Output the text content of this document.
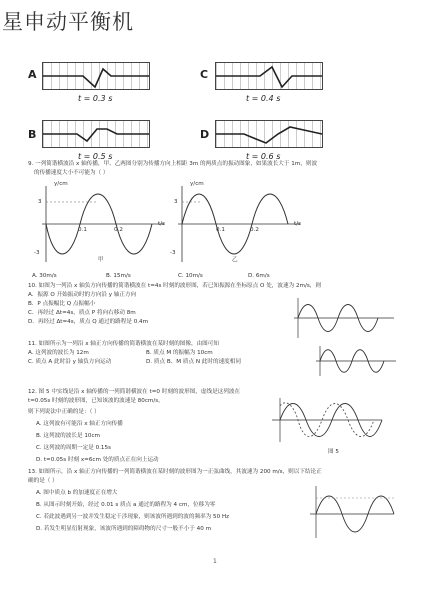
星申动平衡机
A
t = 0.3 s
C
t = 0.4 s
B
t = 0.5 s
D
t = 0.6 s
9. 一列简谐横波沿 x 轴传播，甲、乙两图分别为传播方向上相距 3m 的两质点的振动图象，如果波长大于 1m，则波
的传播速度大小不可能为（ ）
y/cm
t/s
3
-3
0.1	0.2
甲
y/cm
t/s
3
-3
0.1	0.2
乙
A. 30m/s	B. 15m/s	C. 10m/s	D. 6m/s
10. 如图为一列沿 x 轴负方向传播的简谐横波在 t=4s 时刻的波形图，若已知振源在坐标原点 O 处，波速为 2m/s，则
A．振源 O 开始振动时的方向沿 y 轴正方向
B．P 点振幅比 Q 点振幅小
C．再经过 Δt=4s，质点 P 将向右移动 8m
D．再经过 Δt=4s，质点 Q 通过的路程是 0.4m
11. 如图所示为一列沿 x 轴正方向传播的简谐横波在某时刻的图像，由图可知
A. 这列波的波长为 12m	B. 质点 M 的振幅为 10cm
C. 质点 A 此时沿 y 轴负方向运动	D. 质点 B、M 质点 N 此时的速度相同
12. 图 5 中实线是沿 x 轴传播的一列简谐横波在 t=0 时刻的波形图，虚线是这列波在
t=0.05s 时刻的波形图，已知该波的波速是 80cm/s，
则下列说法中正确的是：（ ）
A. 这列波有可能沿 x 轴正方向传播
B. 这列波的波长是 10cm
C. 这列波的周期一定是 0.15s
D. t=0.05s 时刻 x=6cm 处的质点正在向上运动
图 5
13. 如图所示，沿 x 轴正方向传播的一列简谐横波在某时刻的波形图为一正弦曲线，其波速为 200 m/s，则以下结论正
确的是（ ）
A. 图中质点 b 的加速度正在增大
B. 从图示时刻开始，经过 0.01 s 质点 a 通过的路程为 4 cm，位移为零
C. 若此波遇到另一波并发生稳定干涉现象，则该波所遇到的波的频率为 50 Hz
D. 若发生明显衍射现象，该波所遇到的障碍物的尺寸一般不小于 40 m
1
